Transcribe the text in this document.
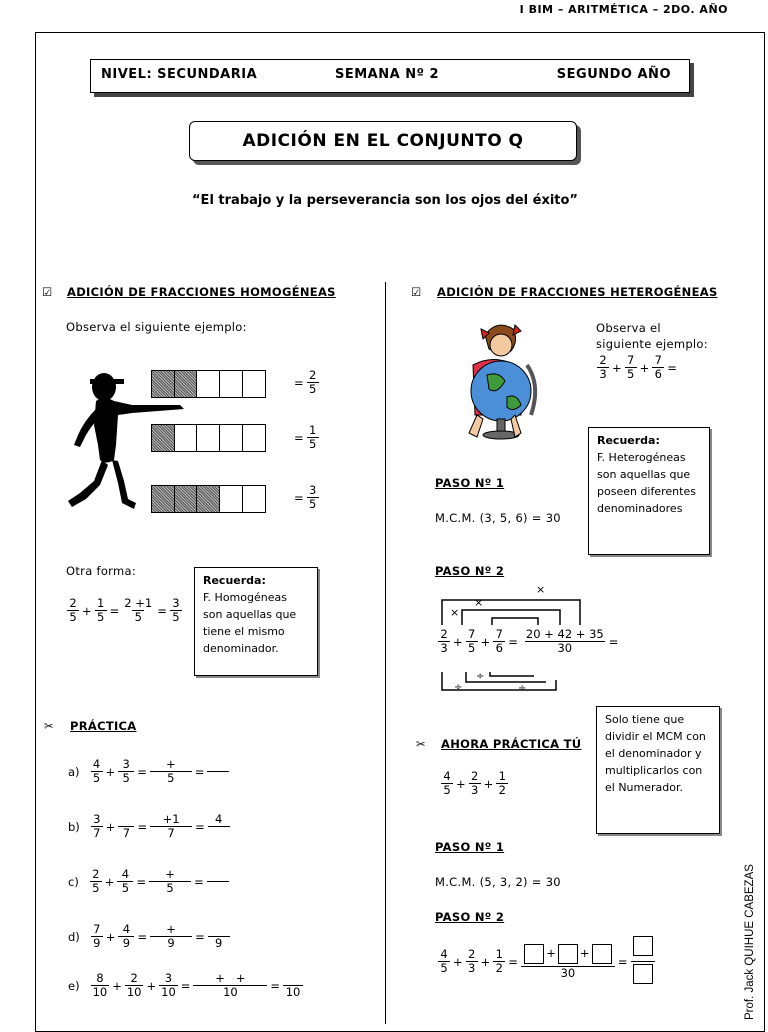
I BIM – ARITMÉTICA – 2DO. AÑO
NIVEL: SECUNDARIA	SEMANA Nº 2	SEGUNDO AÑO
ADICIÓN EN EL CONJUNTO Q
“El trabajo y la perseverancia son los ojos del éxito”
☑ ADICIÓN DE FRACCIONES HOMOGÉNEAS
Observa el siguiente ejemplo:
= $\frac{2}{5}$
= $\frac{1}{5}$
= $\frac{3}{5}$
Otra forma:
$\frac{2}{5} + \frac{1}{5} = \frac{2 +1}{5} = \frac{3}{5}$
Recuerda:
F. Homogéneas son aquellas que tiene el mismo denominador.
✂ PRÁCTICA
$a) \frac{4}{5} + \frac{3}{5}$ =
+
5	=

$b) \frac{3}{7}$ +
$7 = \frac{+1}{7}$ =
4

$c) \frac{2}{5} + \frac{4}{5}$ =
+
5	=

$d) \frac{7}{9} + \frac{4}{9}$ =
+
9	=
9
$e) \frac{8}{10} + \frac{2}{10} + \frac{3}{10}$ =
+   +
10	=
10
☑ ADICIÓN DE FRACCIONES HETEROGÉNEAS
Observa el siguiente ejemplo:
$\frac{2}{3} + \frac{7}{5} + \frac{7}{6}$ =
Recuerda:
F. Heterogéneas son aquellas que poseen diferentes denominadores
PASO Nº 1
M.C.M. (3, 5, 6) = 30
PASO Nº 2
×
×
×
÷
÷
÷
$\frac{2}{3} + \frac{7}{5} + \frac{7}{6} = \frac{20 + 42 + 35}{30}$ =
✂ AHORA PRÁCTICA TÚ
Solo tiene que dividir el MCM con el denominador y multiplicarlos con el Numerador.
$\frac{4}{5} + \frac{2}{3} + \frac{1}{2}$
PASO Nº 1
M.C.M. (5, 3, 2) = 30
PASO Nº 2
$\frac{4}{5} + \frac{2}{3} + \frac{1}{2}$ =
+ +
30
=	Prof. Jack QUIHUE CABEZAS
